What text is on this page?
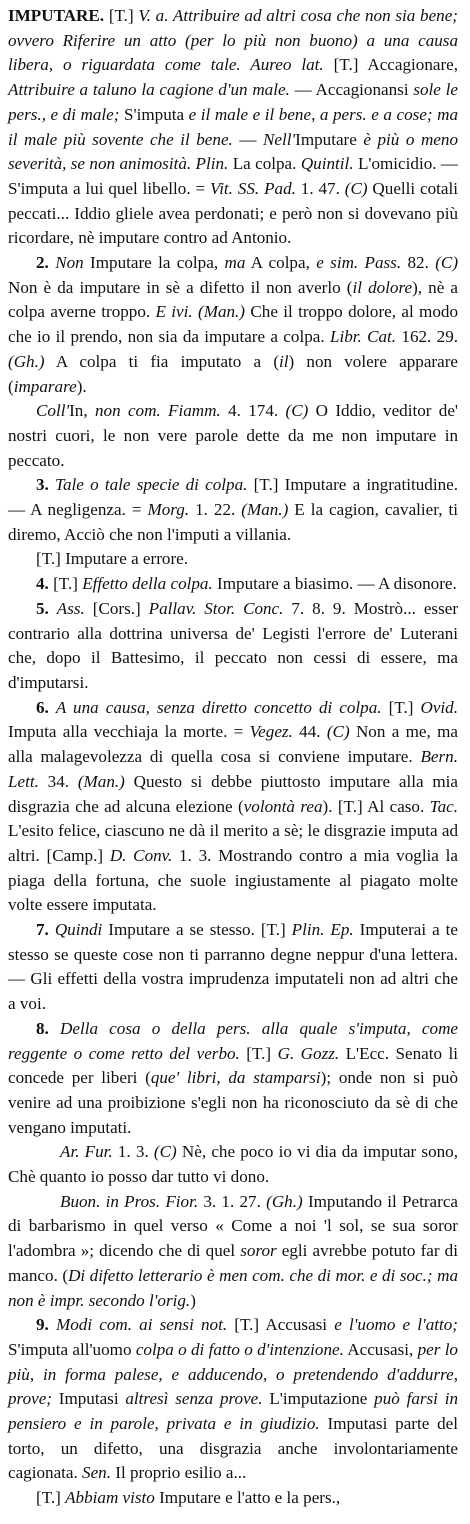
IMPUTARE. [T.] V. a. Attribuire ad altri cosa che non sia bene; ovvero Riferire un atto (per lo più non buono) a una causa libera, o riguardata come tale. Aureo lat. [T.] Accagionare, Attribuire a taluno la cagione d'un male. — Accagionansi sole le pers., e di male; S'imputa e il male e il bene, a pers. e a cose; ma il male più sovente che il bene. — Nell'Imputare è più o meno severità, se non animosità. Plin. La colpa. Quintil. L'omicidio. — S'imputa a lui quel libello. = Vit. SS. Pad. 1. 47. (C) Quelli cotali peccati... Iddio gliele avea perdonati; e però non si dovevano più ricordare, nè imputare contro ad Antonio.

2. Non Imputare la colpa, ma A colpa, e sim. Pass. 82. (C) Non è da imputare in sè a difetto il non averlo (il dolore), nè a colpa averne troppo. E ivi. (Man.) Che il troppo dolore, al modo che io il prendo, non sia da imputare a colpa. Libr. Cat. 162. 29. (Gh.) A colpa ti fia imputato a (il) non volere apparare (imparare).

Coll'In, non com. Fiamm. 4. 174. (C) O Iddio, veditor de' nostri cuori, le non vere parole dette da me non imputare in peccato.

3. Tale o tale specie di colpa. [T.] Imputare a ingratitudine. — A negligenza. = Morg. 1. 22. (Man.) E la cagion, cavalier, ti diremo, Acciò che non l'imputi a villania.

[T.] Imputare a errore.

4. [T.] Effetto della colpa. Imputare a biasimo. — A disonore.

5. Ass. [Cors.] Pallav. Stor. Conc. 7. 8. 9. Mostrò... esser contrario alla dottrina universa de' Legisti l'errore de' Luterani che, dopo il Battesimo, il peccato non cessi di essere, ma d'imputarsi.

6. A una causa, senza diretto concetto di colpa. [T.] Ovid. Imputa alla vecchiaja la morte. = Vegez. 44. (C) Non a me, ma alla malagevolezza di quella cosa si conviene imputare. Bern. Lett. 34. (Man.) Questo si debbe piuttosto imputare alla mia disgrazia che ad alcuna elezione (volontà rea). [T.] Al caso. Tac. L'esito felice, ciascuno ne dà il merito a sè; le disgrazie imputa ad altri. [Camp.] D. Conv. 1. 3. Mostrando contro a mia voglia la piaga della fortuna, che suole ingiustamente al piagato molte volte essere imputata.

7. Quindi Imputare a se stesso. [T.] Plin. Ep. Imputerai a te stesso se queste cose non ti parranno degne neppur d'una lettera. — Gli effetti della vostra imprudenza imputateli non ad altri che a voi.

8. Della cosa o della pers. alla quale s'imputa, come reggente o come retto del verbo. [T.] G. Gozz. L'Ecc. Senato li concede per liberi (que' libri, da stamparsi); onde non si può venire ad una proibizione s'egli non ha riconosciuto da sè di che vengano imputati.

Ar. Fur. 1. 3. (C) Nè, che poco io vi dia da imputar sono, Chè quanto io posso dar tutto vi dono.

Buon. in Pros. Fior. 3. 1. 27. (Gh.) Imputando il Petrarca di barbarismo in quel verso « Come a noi 'l sol, se sua soror l'adombra »; dicendo che di quel soror egli avrebbe potuto far di manco. (Di difetto letterario è men com. che di mor. e di soc.; ma non è impr. secondo l'orig.)

9. Modi com. ai sensi not. [T.] Accusasi e l'uomo e l'atto; S'imputa all'uomo colpa o di fatto o d'intenzione. Accusasi, per lo più, in forma palese, e adducendo, o pretendendo d'addurre, prove; Imputasi altresì senza prove. L'imputazione può farsi in pensiero e in parole, privata e in giudizio. Imputasi parte del torto, un difetto, una disgrazia anche involontariamente cagionata. Sen. Il proprio esilio a...

[T.] Abbiam visto Imputare e l'atto e la pers.,
